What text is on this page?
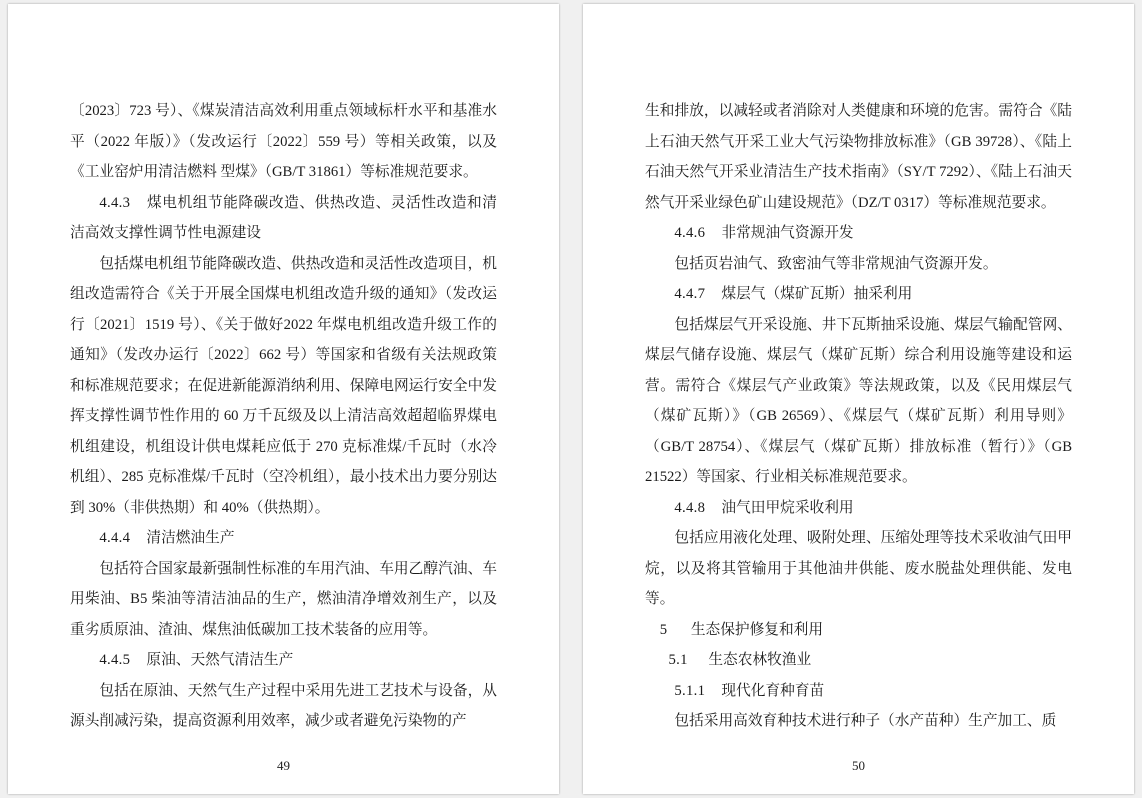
〔2023〕723 号）、《煤炭清洁高效利用重点领域标杆水平和基准水平（2022 年版）》（发改运行〔2022〕559 号）等相关政策，以及《工业窑炉用清洁燃料 型煤》（GB/T 31861）等标准规范要求。

4.4.3 煤电机组节能降碳改造、供热改造、灵活性改造和清洁高效支撑性调节性电源建设

包括煤电机组节能降碳改造、供热改造和灵活性改造项目，机组改造需符合《关于开展全国煤电机组改造升级的通知》（发改运行〔2021〕1519 号）、《关于做好2022 年煤电机组改造升级工作的通知》（发改办运行〔2022〕662 号）等国家和省级有关法规政策和标准规范要求；在促进新能源消纳利用、保障电网运行安全中发挥支撑性调节性作用的 60 万千瓦级及以上清洁高效超超临界煤电机组建设，机组设计供电煤耗应低于 270 克标准煤/千瓦时（水冷机组）、285 克标准煤/千瓦时（空冷机组），最小技术出力要分别达到 30%（非供热期）和 40%（供热期）。

4.4.4 清洁燃油生产

包括符合国家最新强制性标准的车用汽油、车用乙醇汽油、车用柴油、B5 柴油等清洁油品的生产，燃油清净增效剂生产，以及重劣质原油、渣油、煤焦油低碳加工技术装备的应用等。

4.4.5 原油、天然气清洁生产

包括在原油、天然气生产过程中采用先进工艺技术与设备，从源头削减污染，提高资源利用效率，减少或者避免污染物的产

49

生和排放，以减轻或者消除对人类健康和环境的危害。需符合《陆上石油天然气开采工业大气污染物排放标准》（GB 39728）、《陆上石油天然气开采业清洁生产技术指南》（SY/T 7292）、《陆上石油天然气开采业绿色矿山建设规范》（DZ/T 0317）等标准规范要求。

4.4.6 非常规油气资源开发

包括页岩油气、致密油气等非常规油气资源开发。

4.4.7 煤层气（煤矿瓦斯）抽采利用

包括煤层气开采设施、井下瓦斯抽采设施、煤层气输配管网、煤层气储存设施、煤层气（煤矿瓦斯）综合利用设施等建设和运营。需符合《煤层气产业政策》等法规政策，以及《民用煤层气（煤矿瓦斯）》（GB 26569）、《煤层气（煤矿瓦斯）利用导则》（GB/T 28754）、《煤层气（煤矿瓦斯）排放标准（暂行）》（GB 21522）等国家、行业相关标准规范要求。

4.4.8 油气田甲烷采收利用

包括应用液化处理、吸附处理、压缩处理等技术采收油气田甲烷，以及将其管输用于其他油井供能、废水脱盐处理供能、发电等。

5 生态保护修复和利用

5.1 生态农林牧渔业

5.1.1 现代化育种育苗

包括采用高效育种技术进行种子（水产苗种）生产加工、质

50
